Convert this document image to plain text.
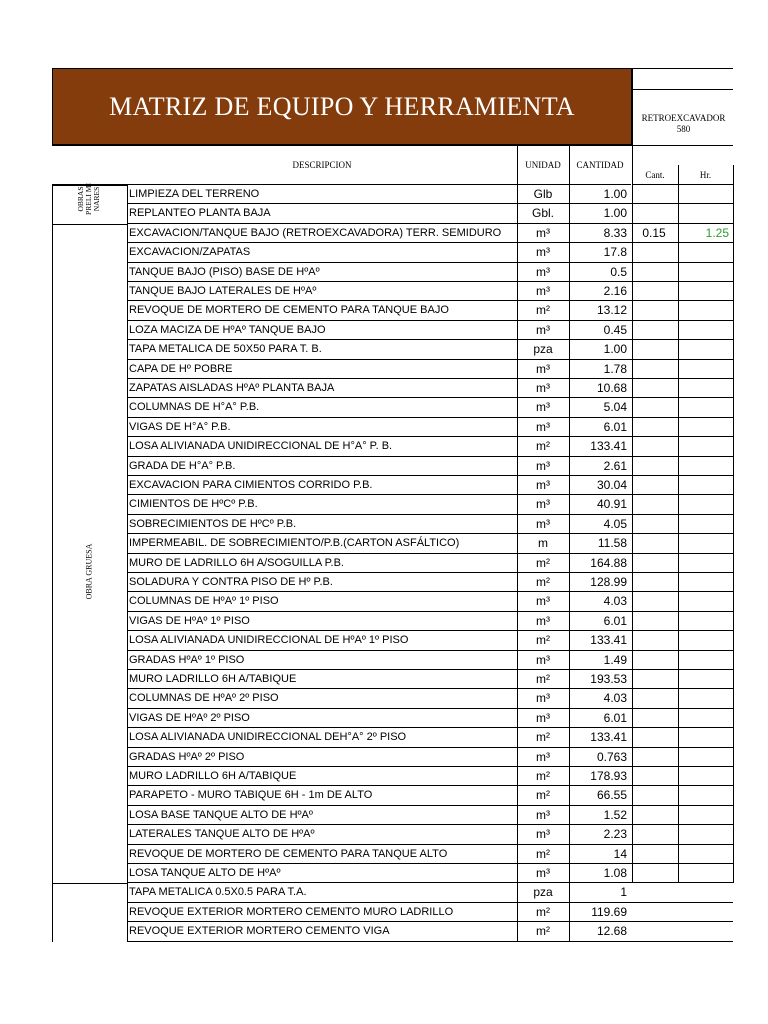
MATRIZ DE EQUIPO Y HERRAMIENTA	RETROEXCAVADOR 580
DESCRIPCION	UNIDAD	CANTIDAD
Cant.	Hr.
LIMPIEZA DEL TERRENO	Glb	1.00
REPLANTEO PLANTA BAJA	Gbl.	1.00
EXCAVACION/TANQUE BAJO (RETROEXCAVADORA) TERR. SEMIDURO	m³	8.33	0.15	1.25
EXCAVACION/ZAPATAS	m³	17.8
TANQUE BAJO (PISO) BASE DE HºAº	m³	0.5
TANQUE BAJO LATERALES DE HºAº	m³	2.16
REVOQUE DE MORTERO DE CEMENTO PARA TANQUE BAJO	m²	13.12
LOZA MACIZA DE HºAº TANQUE BAJO	m³	0.45
TAPA METALICA DE 50X50 PARA T. B.	pza	1.00
CAPA DE Hº POBRE	m³	1.78
ZAPATAS AISLADAS HºAº PLANTA BAJA	m³	10.68
COLUMNAS DE H°A° P.B.	m³	5.04
VIGAS DE H°A° P.B.	m³	6.01
LOSA ALIVIANADA UNIDIRECCIONAL DE H°A° P. B.	m²	133.41
GRADA DE H°A° P.B.	m³	2.61
EXCAVACION PARA CIMIENTOS CORRIDO P.B.	m³	30.04
CIMIENTOS DE HºCº P.B.	m³	40.91
SOBRECIMIENTOS DE HºCº P.B.	m³	4.05
IMPERMEABIL. DE SOBRECIMIENTO/P.B.(CARTON ASFÁLTICO)	m	11.58
MURO DE LADRILLO 6H A/SOGUILLA P.B.	m²	164.88
SOLADURA Y CONTRA PISO DE Hº P.B.	m²	128.99
COLUMNAS DE HºAº 1º PISO	m³	4.03
VIGAS DE HºAº 1º PISO	m³	6.01
LOSA ALIVIANADA UNIDIRECCIONAL DE HºAº 1º PISO	m²	133.41
GRADAS HºAº 1º PISO	m³	1.49
MURO LADRILLO 6H A/TABIQUE	m²	193.53
COLUMNAS DE HºAº 2º PISO	m³	4.03
VIGAS DE HºAº 2º PISO	m³	6.01
LOSA ALIVIANADA UNIDIRECCIONAL DEH°A° 2º PISO	m²	133.41
GRADAS HºAº 2º PISO	m³	0.763
MURO LADRILLO 6H A/TABIQUE	m²	178.93
PARAPETO - MURO TABIQUE 6H - 1m DE ALTO	m²	66.55
LOSA BASE TANQUE ALTO DE HºAº	m³	1.52
LATERALES TANQUE ALTO DE HºAº	m³	2.23
REVOQUE DE MORTERO DE CEMENTO PARA TANQUE ALTO	m²	14
LOSA TANQUE ALTO DE HºAº	m³	1.08
TAPA METALICA 0.5X0.5 PARA T.A.	pza	1
REVOQUE EXTERIOR MORTERO CEMENTO MURO LADRILLO	m²	119.69
REVOQUE EXTERIOR MORTERO CEMENTO VIGA	m²	12.68
OBRAS PRELI MI NARES
OBRA GRUESA
